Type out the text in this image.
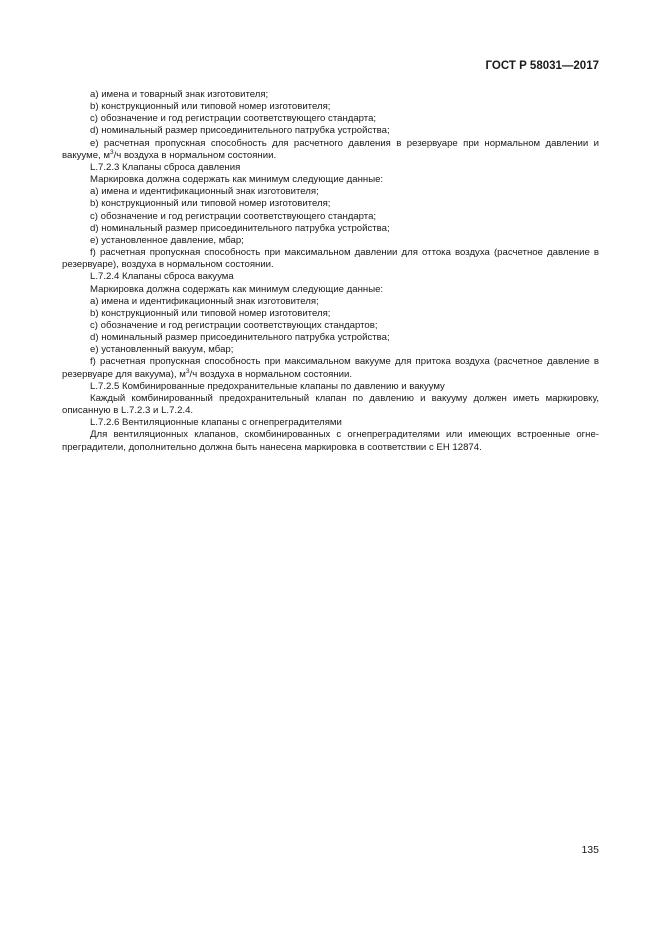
ГОСТ Р 58031—2017

а) имена и товарный знак изготовителя;

b) конструкционный или типовой номер изготовителя;

c) обозначение и год регистрации соответствующего стандарта;

d) номинальный размер присоединительного патрубка устройства;

е) расчетная пропускная способность для расчетного давления в резервуаре при нормальном давлении и вакууме, $м^3/ч$ воздуха в нормальном состоянии.

L.7.2.3 Клапаны сброса давления

Маркировка должна содержать как минимум следующие данные:

а) имена и идентификационный знак изготовителя;

b) конструкционный или типовой номер изготовителя;

c) обозначение и год регистрации соответствующего стандарта;

d) номинальный размер присоединительного патрубка устройства;

е) установленное давление, мбар;

f) расчетная пропускная способность при максимальном давлении для оттока воздуха (расчетное давление в резервуаре), воздуха в нормальном состоянии.

L.7.2.4 Клапаны сброса вакуума

Маркировка должна содержать как минимум следующие данные:

а) имена и идентификационный знак изготовителя;

b) конструкционный или типовой номер изготовителя;

c) обозначение и год регистрации соответствующих стандартов;

d) номинальный размер присоединительного патрубка устройства;

е) установленный вакуум, мбар;

f) расчетная пропускная способность при максимальном вакууме для притока воздуха (расчетное давление в резервуаре для вакуума), $м^3/ч$ воздуха в нормальном состоянии.

L.7.2.5 Комбинированные предохранительные клапаны по давлению и вакууму

Каждый комбинированный предохранительный клапан по давлению и вакууму должен иметь маркировку, описанную в L.7.2.3 и L.7.2.4.

L.7.2.6 Вентиляционные клапаны с огнепреградителями

Для вентиляционных клапанов, скомбинированных с огнепреградителями или имеющих встроенные огне-преградители, дополнительно должна быть нанесена маркировка в соответствии с ЕН 12874.

135
